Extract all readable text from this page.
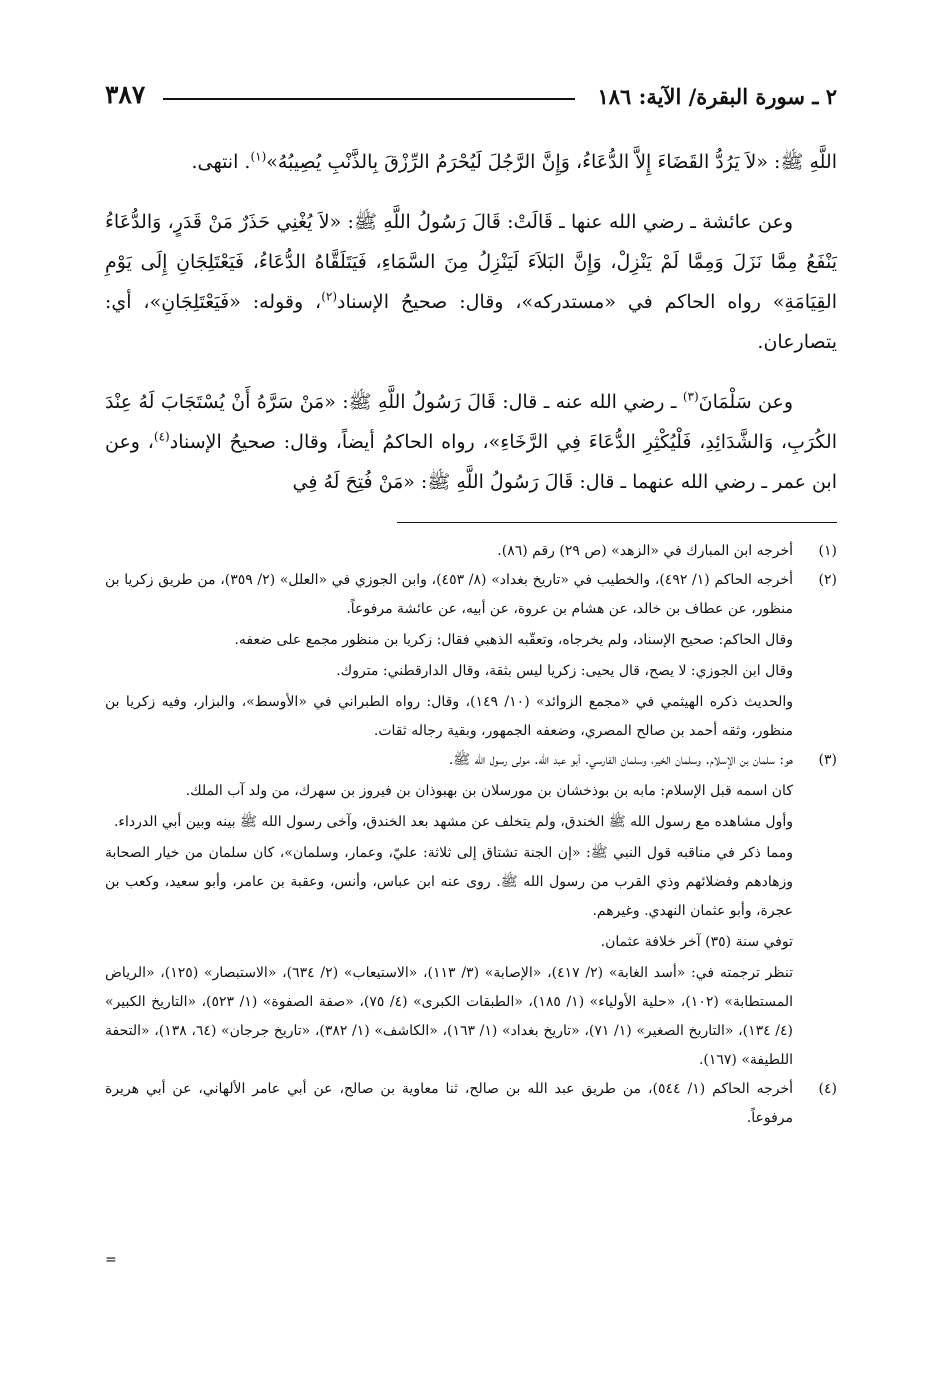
٢ ـ سورة البقرة/ الآية: ١٨٦
٣٨٧

اللَّهِ ﷺ: «لاَ يَرُدُّ القَضَاءَ إِلاَّ الدُّعَاءُ، وَإِنَّ الرَّجُلَ لَيُحْرَمُ الرِّزْقَ بِالذَّنْبِ يُصِيبُهُ»$^{(١)}$. انتهى.

وعن عائشة ـ رضي الله عنها ـ قَالَتْ: قَالَ رَسُولُ اللَّهِ ﷺ: «لاَ يُغْنِي حَذَرٌ مَنْ قَدَرٍ، وَالدُّعَاءُ يَنْفَعُ مِمَّا نَزَلَ وَمِمَّا لَمْ يَنْزِلْ، وَإِنَّ البَلاَءَ لَيَنْزِلُ مِنَ السَّمَاءِ، فَيَتَلَقَّاهُ الدُّعَاءُ، فَيَعْتَلِجَانِ إِلَى يَوْمِ القِيَامَةِ» رواه الحاكم في «مستدركه»، وقال: صحيحُ الإسناد$^{(٢)}$، وقوله: «فَيَعْتَلِجَانِ»، أي: يتصارعان.

وعن سَلْمَانَ$^{(٣)}$ ـ رضي الله عنه ـ قال: قَالَ رَسُولُ اللَّهِ ﷺ: «مَنْ سَرَّهُ أَنْ يُسْتَجَابَ لَهُ عِنْدَ الكُرَبِ، وَالشَّدَائِدِ، فَلْيُكْثِرِ الدُّعَاءَ فِي الرَّخَاءِ»، رواه الحاكمُ أيضاً، وقال: صحيحُ الإسناد$^{(٤)}$، وعن ابن عمر ـ رضي الله عنهما ـ قال: قَالَ رَسُولُ اللَّهِ ﷺ: «مَنْ فُتِحَ لَهُ فِي

(١)

أخرجه ابن المبارك في «الزهد» (ص ٢٩) رقم (٨٦).

(٢)

أخرجه الحاكم (١/ ٤٩٢)، والخطيب في «تاريخ بغداد» (٨/ ٤٥٣)، وابن الجوزي في «العلل» (٢/ ٣٥٩)، من طريق زكريا بن منظور، عن عطاف بن خالد، عن هشام بن عروة، عن أبيه، عن عائشة مرفوعاً.

وقال الحاكم: صحيح الإسناد، ولم يخرجاه، وتعقّبه الذهبي فقال: زكريا بن منظور مجمع على ضعفه.

وقال ابن الجوزي: لا يصح، قال يحيى: زكريا ليس بثقة، وقال الدارقطني: متروك.

والحديث ذكره الهيثمي في «مجمع الزوائد» (١٠/ ١٤٩)، وقال: رواه الطبراني في «الأوسط»، والبزار، وفيه زكريا بن منظور، وثقه أحمد بن صالح المصري، وضعفه الجمهور، وبقية رجاله ثقات.

(٣)

هو: سلمان بن الإسلام. وسلمان الخير، وسلمان الفارسي. أبو عبد الله. مولى رسول الله ﷺ.

كان اسمه قبل الإسلام: مابه بن بوذخشان بن مورسلان بن بهبوذان بن فيروز بن سهرك، من ولد آب الملك.

وأول مشاهده مع رسول الله ﷺ الخندق، ولم يتخلف عن مشهد بعد الخندق، وآخى رسول الله ﷺ بينه وبين أبي الدرداء.

ومما ذكر في مناقبه قول النبي ﷺ: «إن الجنة تشتاق إلى ثلاثة: عليّ، وعمار، وسلمان»، كان سلمان من خيار الصحابة وزهادهم وفضلائهم وذي القرب من رسول الله ﷺ. روى عنه ابن عباس، وأنس، وعقبة بن عامر، وأبو سعيد، وكعب بن عجرة، وأبو عثمان النهدي. وغيرهم.

توفي سنة (٣٥) آخر خلافة عثمان.

تنظر ترجمته في: «أسد الغابة» (٢/ ٤١٧)، «الإصابة» (٣/ ١١٣)، «الاستيعاب» (٢/ ٦٣٤)، «الاستبصار» (١٢٥)، «الرياض المستطابة» (١٠٢)، «حلية الأولياء» (١/ ١٨٥)، «الطبقات الكبرى» (٤/ ٧٥)، «صفة الصفوة» (١/ ٥٢٣)، «التاريخ الكبير» (٤/ ١٣٤)، «التاريخ الصغير» (١/ ٧١)، «تاريخ بغداد» (١/ ١٦٣)، «الكاشف» (١/ ٣٨٢)، «تاريخ جرجان» (٦٤، ١٣٨)، «التحفة اللطيفة» (١٦٧).

(٤)

أخرجه الحاكم (١/ ٥٤٤)، من طريق عبد الله بن صالح، ثنا معاوية بن صالح، عن أبي عامر الألهاني، عن أبي هريرة مرفوعاً.

=
